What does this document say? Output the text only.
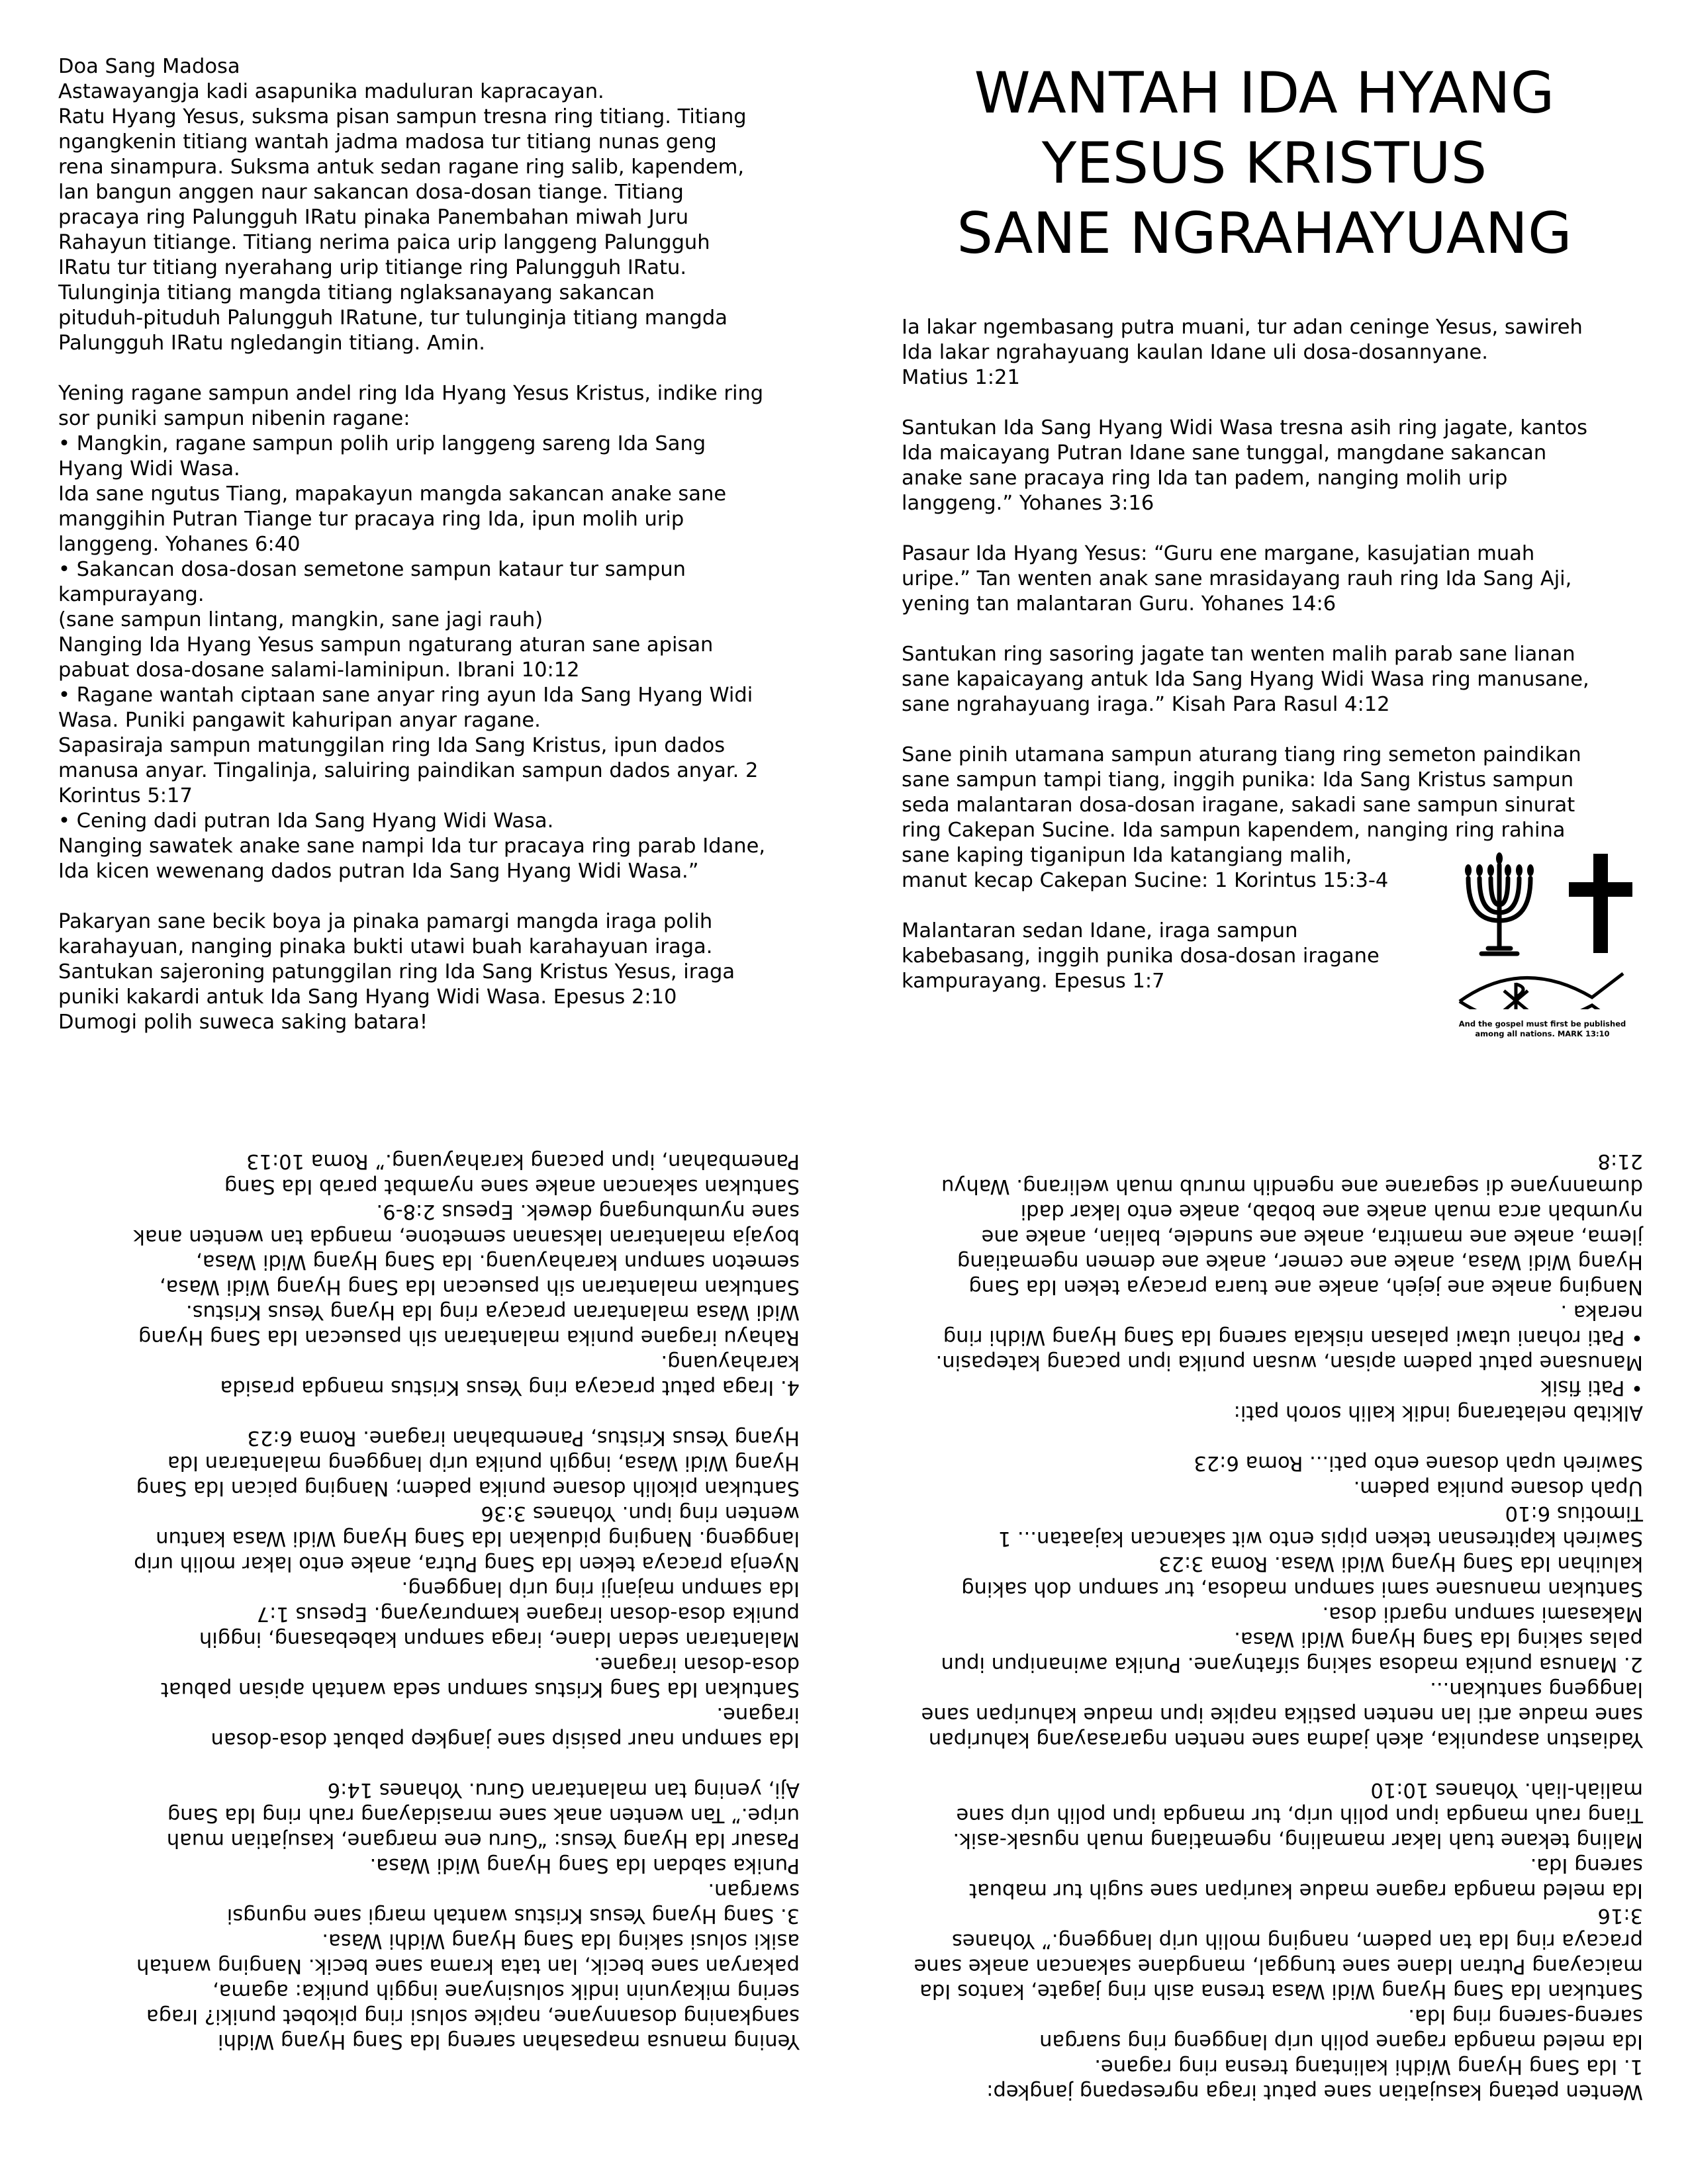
Doa Sang Madosa
Astawayangja kadi asapunika maduluran kapracayan.
Ratu Hyang Yesus, suksma pisan sampun tresna ring titiang. Titiang
ngangkenin titiang wantah jadma madosa tur titiang nunas geng
rena sinampura. Suksma antuk sedan ragane ring salib, kapendem,
lan bangun anggen naur sakancan dosa-dosan tiange. Titiang
pracaya ring Palungguh IRatu pinaka Panembahan miwah Juru
Rahayun titiange. Titiang nerima paica urip langgeng Palungguh
IRatu tur titiang nyerahang urip titiange ring Palungguh IRatu.
Tulunginja titiang mangda titiang nglaksanayang sakancan
pituduh-pituduh Palungguh IRatune, tur tulunginja titiang mangda
Palungguh IRatu ngledangin titiang. Amin.
Yening ragane sampun andel ring Ida Hyang Yesus Kristus, indike ring
sor puniki sampun nibenin ragane:
• Mangkin, ragane sampun polih urip langgeng sareng Ida Sang
Hyang Widi Wasa.
Ida sane ngutus Tiang, mapakayun mangda sakancan anake sane
manggihin Putran Tiange tur pracaya ring Ida, ipun molih urip
langgeng. Yohanes 6:40
• Sakancan dosa-dosan semetone sampun kataur tur sampun
kampurayang.
(sane sampun lintang, mangkin, sane jagi rauh)
Nanging Ida Hyang Yesus sampun ngaturang aturan sane apisan
pabuat dosa-dosane salami-laminipun. Ibrani 10:12
• Ragane wantah ciptaan sane anyar ring ayun Ida Sang Hyang Widi
Wasa. Puniki pangawit kahuripan anyar ragane.
Sapasiraja sampun matunggilan ring Ida Sang Kristus, ipun dados
manusa anyar. Tingalinja, saluiring paindikan sampun dados anyar. 2
Korintus 5:17
• Cening dadi putran Ida Sang Hyang Widi Wasa.
Nanging sawatek anake sane nampi Ida tur pracaya ring parab Idane,
Ida kicen wewenang dados putran Ida Sang Hyang Widi Wasa.”
Pakaryan sane becik boya ja pinaka pamargi mangda iraga polih
karahayuan, nanging pinaka bukti utawi buah karahayuan iraga.
Santukan sajeroning patunggilan ring Ida Sang Kristus Yesus, iraga
puniki kakardi antuk Ida Sang Hyang Widi Wasa. Epesus 2:10
Dumogi polih suweca saking batara!
WANTAH IDA HYANG
YESUS KRISTUS
SANE NGRAHAYUANG
Ia lakar ngembasang putra muani, tur adan ceninge Yesus, sawireh
Ida lakar ngrahayuang kaulan Idane uli dosa-dosannyane.
Matius 1:21
Santukan Ida Sang Hyang Widi Wasa tresna asih ring jagate, kantos
Ida maicayang Putran Idane sane tunggal, mangdane sakancan
anake sane pracaya ring Ida tan padem, nanging molih urip
langgeng.” Yohanes 3:16
Pasaur Ida Hyang Yesus: “Guru ene margane, kasujatian muah
uripe.” Tan wenten anak sane mrasidayang rauh ring Ida Sang Aji,
yening tan malantaran Guru. Yohanes 14:6
Santukan ring sasoring jagate tan wenten malih parab sane lianan
sane kapaicayang antuk Ida Sang Hyang Widi Wasa ring manusane,
sane ngrahayuang iraga.” Kisah Para Rasul 4:12
Sane pinih utamana sampun aturang tiang ring semeton paindikan
sane sampun tampi tiang, inggih punika: Ida Sang Kristus sampun
seda malantaran dosa-dosan iragane, sakadi sane sampun sinurat
ring Cakepan Sucine. Ida sampun kapendem, nanging ring rahina
sane kaping tiganipun Ida katangiang malih,
manut kecap Cakepan Sucine: 1 Korintus 15:3-4
Malantaran sedan Idane, iraga sampun
kabebasang, inggih punika dosa-dosan iragane
kampurayang. Epesus 1:7
And the gospel must first be published
among all nations. MARK 13:10
Yening manusa mapasahan sareng Ida Sang Hyang Widhi
sangkaning dosannyane, napike solusi ring pikobet puniki? Iraga
sering mikayunin indik solusinyane inggih punika: agama,
pakaryan sane becik, lan tata krama sane becik. Nanging wantah
asiki solusi saking Ida Sang Hyang Widhi Wasa.
3. Sang Hyang Yesus Kristus wantah margi sane ngungsi
swargan.
Punika sabdan Ida Sang Hyang Widi Wasa.
Pasaur Ida Hyang Yesus: “Guru ene margane, kasujatian muah
uripe.” Tan wenten anak sane mrasidayang rauh ring Ida Sang
Aji, yening tan malantaran Guru. Yohanes 14:6
Ida sampun naur pasisip sane jangkep pabuat dosa-dosan
iragane.
Santukan Ida Sang Kristus sampun seda wantah apisan pabuat
dosa-dosan iragane.
Malantaran sedan Idane, iraga sampun kabebasang, inggih
punika dosa-dosan iragane kampurayang. Epesus 1:7
Ida sampun majanji ring urip langgeng.
Nyenja pracaya teken Ida Sang Putra, anake ento lakar molih urip
langgeng. Nanging piduakan Ida Sang Hyang Widi Wasa kantun
wenten ring ipun. Yohanes 3:36
Santukan pikolih dosane punika padem; Nanging paican Ida Sang
Hyang Widi Wasa, inggih punika urip langgeng malantaran Ida
Hyang Yesus Kristus, Panembahan iragane. Roma 6:23
4. Iraga patut pracaya ring Yesus Kristus mangda prasida
karahayuang.
Rahayu iragane punika malantaran sih pasuecan Ida Sang Hyang
Widi Wasa malantaran pracaya ring Ida Hyang Yesus Kristus.
Santukan malantaran sih pasuecan Ida Sang Hyang Widi Wasa,
semeton sampun karahayuang. Ida Sang Hyang Widi Wasa,
boyaja malantaran laksanan semetone, mangda tan wenten anak
sane nyumbungang dewek. Epesus 2:8-9.
Santukan sakancan anake sane nyambat parab Ida Sang
Panembahan, ipun pacang karahayuang.” Roma 10:13
Wenten petang kasujatian sane patut iraga ngresepang jangkep:
1. Ida Sang Hyang Widhi kalintang tresna ring ragane.
Ida meled mangda ragane polih urip langgeng ring suargan
sareng-sareng ring Ida.
Santukan Ida Sang Hyang Widi Wasa tresna asih ring jagate, kantos Ida
maicayang Putran Idane sane tunggal, mangdane sakancan anake sane
pracaya ring Ida tan padem, nanging molih urip langgeng.” Yohanes
3:16
Ida meled mangda ragane madue kauripan sane sugih tur mabuat
sareng Ida.
Maling tekane tuah lakar mamaling, ngematiang muah ngusak-asik.
Tiang rauh mangda ipun polih urip, tur mangda ipun polih urip sane
maliah-liah. Yohanes 10:10
Yadiastun asapunika, akeh jadma sane nenten ngarasayang kahuripan
sane madue arti lan nenten pastika napike ipun madue kahuripan sane
langgeng santukan...
2. Manusa punika madosa saking sifatnyane. Punika awinanipun ipun
palas saking Ida Sang Hyang Widi Wasa.
Makasami sampun ngardi dosa.
Santukan manusane sami sampun madosa, tur sampun doh saking
kaluihan Ida Sang Hyang Widi Wasa. Roma 3:23
Sawireh kapitresnan teken pipis ento wit sakancan kajaatan... 1
Timotius 6:10
Upah dosane punika padem.
Sawireh upah dosane ento pati... Roma 6:23
Alkitab nelatarang indik kalih soroh pati:
• Pati fisik
Manusane patut padem apisan, wusan punika ipun pacang katepasin.
• Pati rohani utawi palasan niskala sareng Ida Sang Hyang Widhi ring
neraka .
Nanging anake ane jejeh, anake ane tuara pracaya teken Ida Sang
Hyang Widi Wasa, anake ane cemer, anake ane demen ngematiang
jlema, anake ane mamitra, anake ane sundele, balian, anake ane
nyumbah arca muah anake ane bobab, anake ento lakar dadi
dumannyane di segarane ane ngendih murub muah welirang. Wahyu
21:8
